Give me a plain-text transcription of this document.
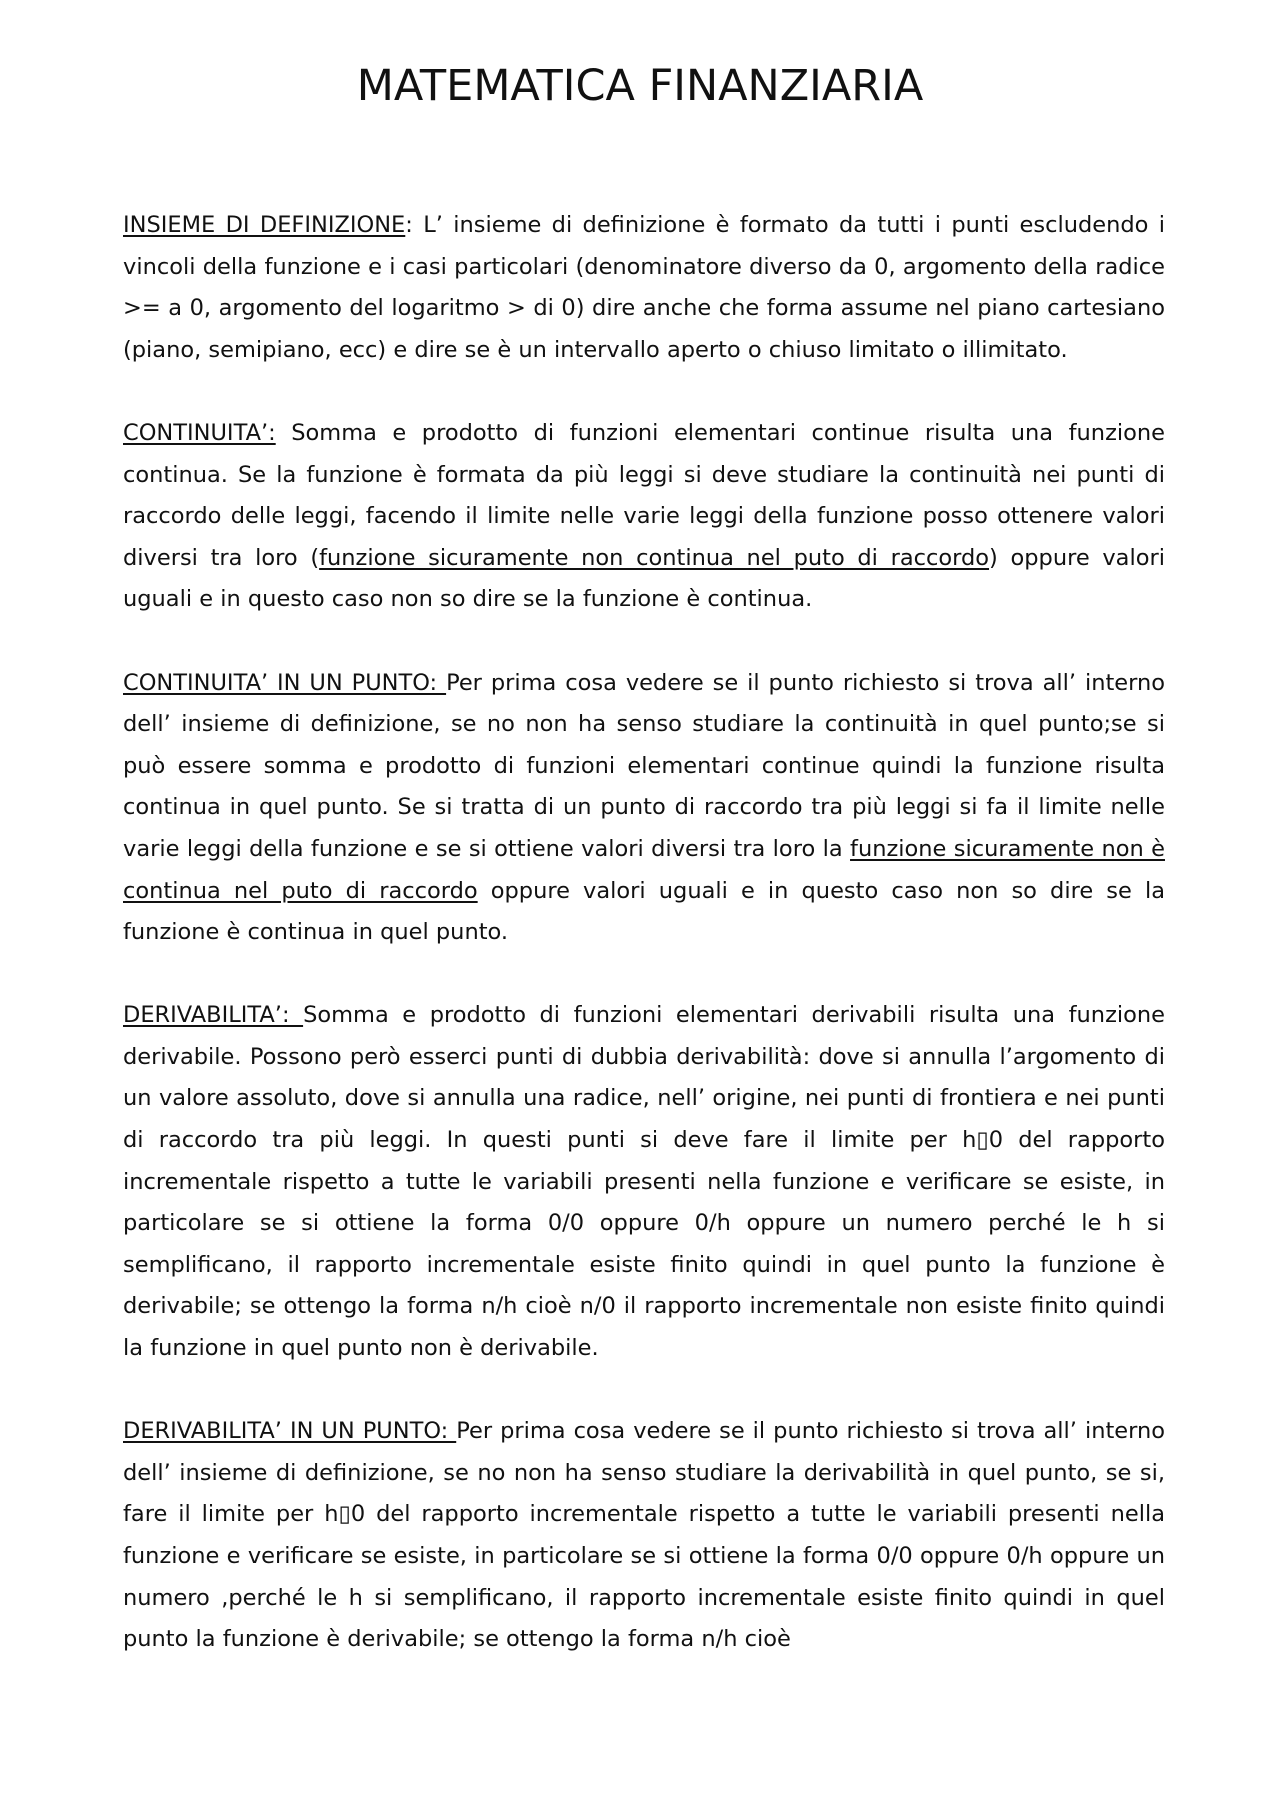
MATEMATICA FINANZIARIA

INSIEME DI DEFINIZIONE: L’ insieme di definizione è formato da tutti i punti escludendo i vincoli della funzione e i casi particolari (denominatore diverso da 0, argomento della radice >= a 0, argomento del logaritmo > di 0) dire anche che forma assume nel piano cartesiano (piano, semipiano, ecc) e dire se è un intervallo aperto o chiuso limitato o illimitato.

CONTINUITA’: Somma e prodotto di funzioni elementari continue risulta una funzione continua. Se la funzione è formata da più leggi si deve studiare la continuità nei punti di raccordo delle leggi, facendo il limite nelle varie leggi della funzione posso ottenere valori diversi tra loro (funzione sicuramente non continua nel puto di raccordo) oppure valori uguali e in questo caso non so dire se la funzione è continua.

CONTINUITA’ IN UN PUNTO: Per prima cosa vedere se il punto richiesto si trova all’ interno dell’ insieme di definizione, se no non ha senso studiare la continuità in quel punto;se si può essere somma e prodotto di funzioni elementari continue quindi la funzione risulta continua in quel punto. Se si tratta di un punto di raccordo tra più leggi si fa il limite nelle varie leggi della funzione e se si ottiene valori diversi tra loro la funzione sicuramente non è continua nel puto di raccordo oppure valori uguali e in questo caso non so dire se la funzione è continua in quel punto.

DERIVABILITA’: Somma e prodotto di funzioni elementari derivabili risulta una funzione derivabile. Possono però esserci punti di dubbia derivabilità: dove si annulla l’argomento di un valore assoluto, dove si annulla una radice, nell’ origine, nei punti di frontiera e nei punti di raccordo tra più leggi. In questi punti si deve fare il limite per h▯0 del rapporto incrementale rispetto a tutte le variabili presenti nella funzione e verificare se esiste, in particolare se si ottiene la forma 0/0 oppure 0/h oppure un numero perché le h si semplificano, il rapporto incrementale esiste finito quindi in quel punto la funzione è derivabile; se ottengo la forma n/h cioè n/0 il rapporto incrementale non esiste finito quindi la funzione in quel punto non è derivabile.

DERIVABILITA’ IN UN PUNTO: Per prima cosa vedere se il punto richiesto si trova all’ interno dell’ insieme di definizione, se no non ha senso studiare la derivabilità in quel punto, se si, fare il limite per h▯0 del rapporto incrementale rispetto a tutte le variabili presenti nella funzione e verificare se esiste, in particolare se si ottiene la forma 0/0 oppure 0/h oppure un numero ,perché le h si semplificano, il rapporto incrementale esiste finito quindi in quel punto la funzione è derivabile; se ottengo la forma n/h cioè
